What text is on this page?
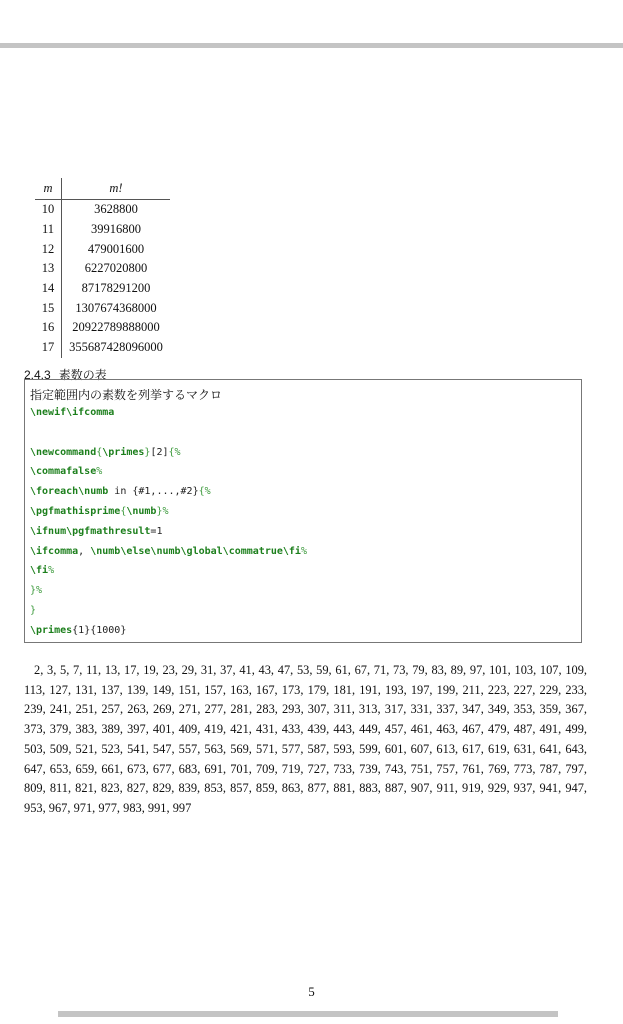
m	m!
10	3628800
11	39916800
12	479001600
13	6227020800
14	87178291200
15	1307674368000
16	20922789888000
17	355687428096000
2.4.3 素数の表
指定範囲内の素数を列挙するマクロ
\newif\ifcomma
\newcommand{\primes}[2]{%
\commafalse%
\foreach\numb in {#1,...,#2}{%
\pgfmathisprime{\numb}%
\ifnum\pgfmathresult=1
\ifcomma, \numb\else\numb\global\commatrue\fi%
\fi%
}%
}
\primes{1}{1000}
2, 3, 5, 7, 11, 13, 17, 19, 23, 29, 31, 37, 41, 43, 47, 53, 59, 61, 67, 71, 73, 79, 83, 89, 97, 101, 103, 107, 109, 113, 127, 131, 137, 139, 149, 151, 157, 163, 167, 173, 179, 181, 191, 193, 197, 199, 211, 223, 227, 229, 233, 239, 241, 251, 257, 263, 269, 271, 277, 281, 283, 293, 307, 311, 313, 317, 331, 337, 347, 349, 353, 359, 367, 373, 379, 383, 389, 397, 401, 409, 419, 421, 431, 433, 439, 443, 449, 457, 461, 463, 467, 479, 487, 491, 499, 503, 509, 521, 523, 541, 547, 557, 563, 569, 571, 577, 587, 593, 599, 601, 607, 613, 617, 619, 631, 641, 643, 647, 653, 659, 661, 673, 677, 683, 691, 701, 709, 719, 727, 733, 739, 743, 751, 757, 761, 769, 773, 787, 797, 809, 811, 821, 823, 827, 829, 839, 853, 857, 859, 863, 877, 881, 883, 887, 907, 911, 919, 929, 937, 941, 947, 953, 967, 971, 977, 983, 991, 997
5
